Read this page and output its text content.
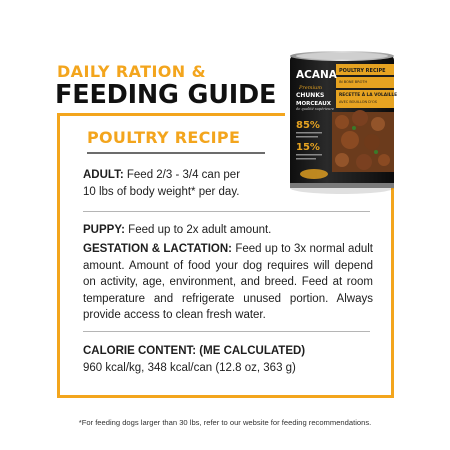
DAILY RATION &
FEEDING GUIDE
POULTRY RECIPE
ADULT: Feed 2/3 - 3/4 can per
10 lbs of body weight* per day.
PUPPY: Feed up to 2x adult amount.
GESTATION & LACTATION: Feed up to 3x normal adult amount. Amount of food your dog requires will depend on activity, age, environment, and breed. Feed at room temperature and refrigerate unused portion. Always provide access to clean fresh water.
CALORIE CONTENT: (ME CALCULATED)
960 kcal/kg, 348 kcal/can (12.8 oz, 363 g)
*For feeding dogs larger than 30 lbs, refer to our website for feeding recommendations.
ACANA
Premium
CHUNKS
MORCEAUX
de qualité supérieure
POULTRY RECIPE
IN BONE BROTH
RECETTE À LA VOLAILLE
AVEC BOUILLON D'OS
85%
15%
